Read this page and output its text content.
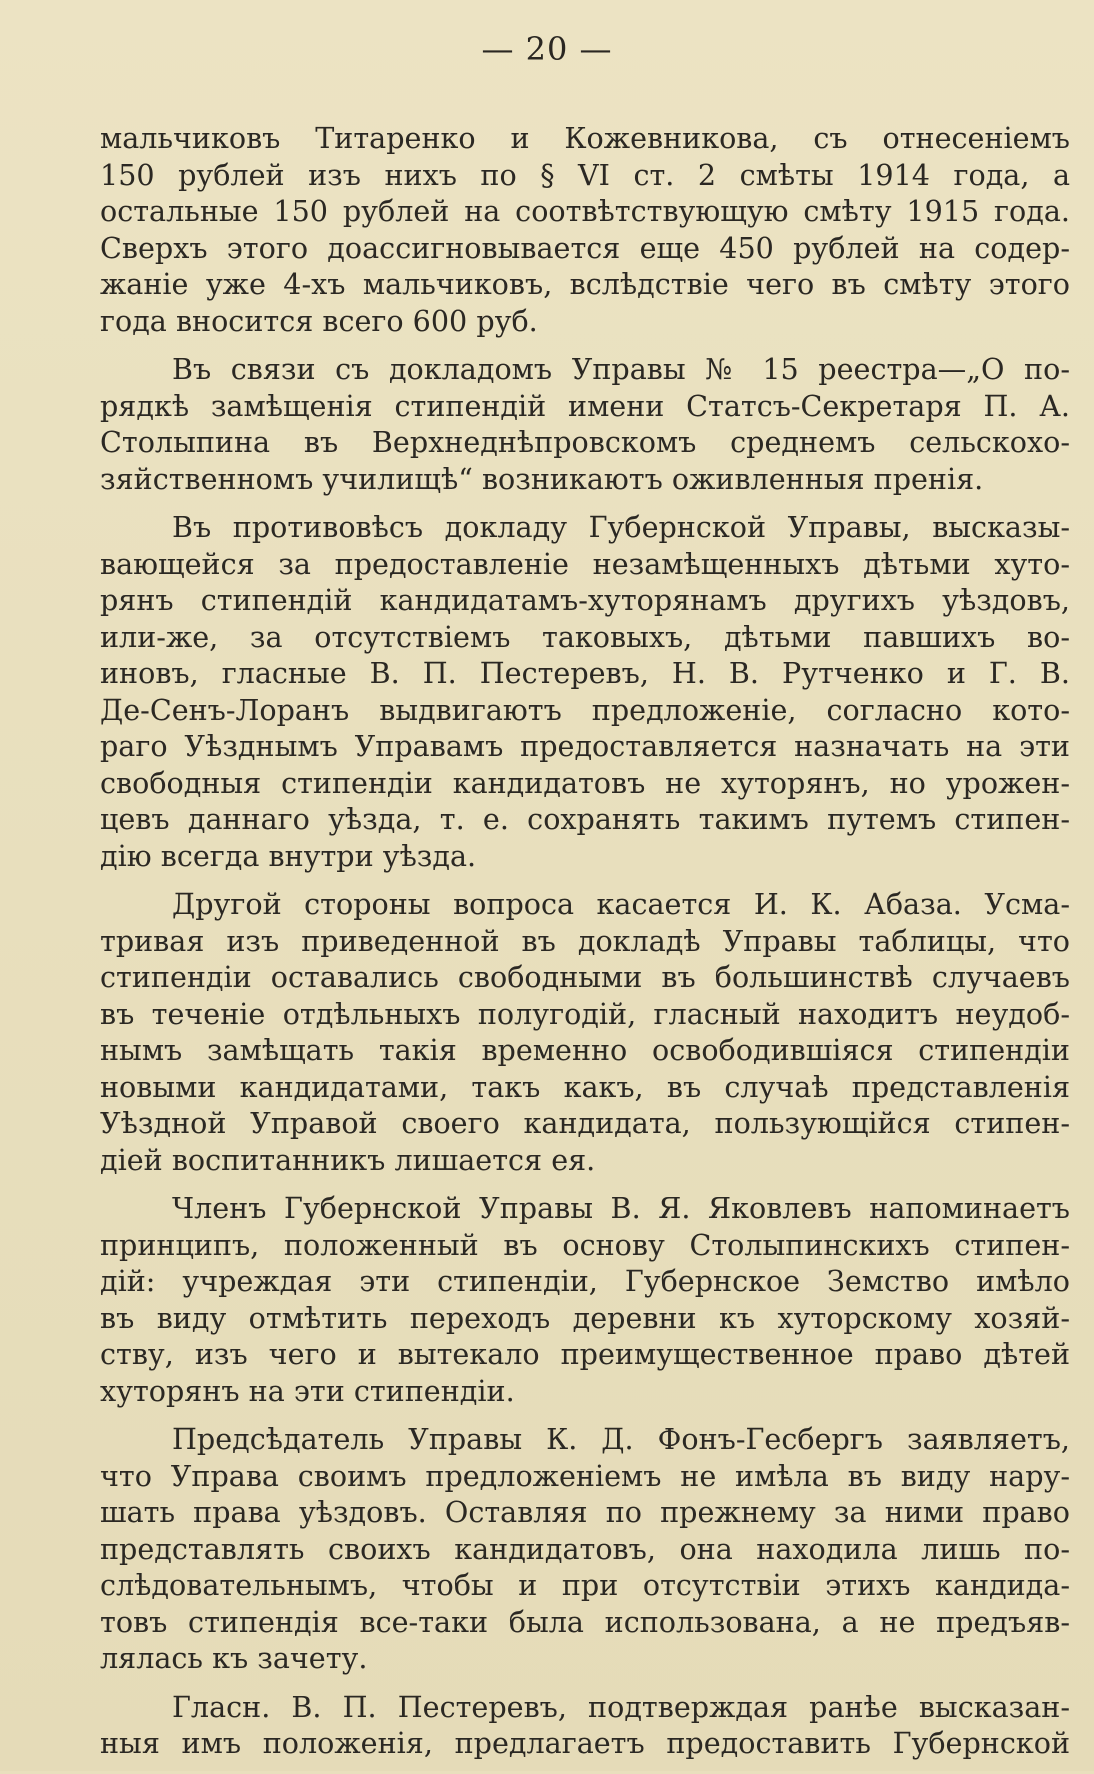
— 20 —
мальчиковъ Титаренко и Кожевникова, съ отнесеніемъ
150 рублей изъ нихъ по § VI ст. 2 смѣты 1914 года, а
остальные 150 рублей на соотвѣтствующую смѣту 1915 года.
Сверхъ этого доассигновывается еще 450 рублей на содер-
жаніе уже 4-хъ мальчиковъ, вслѣдствіе чего въ смѣту этого
года вносится всего 600 руб.
Въ связи съ докладомъ Управы № 15 реестра—„О по-
рядкѣ замѣщенія стипендій имени Статсъ-Секретаря П. А.
Столыпина въ Верхнеднѣпровскомъ среднемъ сельскохо-
зяйственномъ училищѣ“ возникаютъ оживленныя пренія.
Въ противовѣсъ докладу Губернской Управы, высказы-
вающейся за предоставленіе незамѣщенныхъ дѣтьми хуто-
рянъ стипендій кандидатамъ-хуторянамъ другихъ уѣздовъ,
или-же, за отсутствіемъ таковыхъ, дѣтьми павшихъ во-
иновъ, гласные В. П. Пестеревъ, Н. В. Рутченко и Г. В.
Де-Сенъ-Лоранъ выдвигаютъ предложеніе, согласно кото-
раго Уѣзднымъ Управамъ предоставляется назначать на эти
свободныя стипендіи кандидатовъ не хуторянъ, но урожен-
цевъ даннаго уѣзда, т. е. сохранять такимъ путемъ стипен-
дію всегда внутри уѣзда.
Другой стороны вопроса касается И. К. Абаза. Усма-
тривая изъ приведенной въ докладѣ Управы таблицы, что
стипендіи оставались свободными въ большинствѣ случаевъ
въ теченіе отдѣльныхъ полугодій, гласный находитъ неудоб-
нымъ замѣщать такія временно освободившіяся стипендіи
новыми кандидатами, такъ какъ, въ случаѣ представленія
Уѣздной Управой своего кандидата, пользующійся стипен-
діей воспитанникъ лишается ея.
Членъ Губернской Управы В. Я. Яковлевъ напоминаетъ
принципъ, положенный въ основу Столыпинскихъ стипен-
дій: учреждая эти стипендіи, Губернское Земство имѣло
въ виду отмѣтить переходъ деревни къ хуторскому хозяй-
ству, изъ чего и вытекало преимущественное право дѣтей
хуторянъ на эти стипендіи.
Предсѣдатель Управы К. Д. Фонъ-Гесбергъ заявляетъ,
что Управа своимъ предложеніемъ не имѣла въ виду нару-
шать права уѣздовъ. Оставляя по прежнему за ними право
представлять своихъ кандидатовъ, она находила лишь по-
слѣдовательнымъ, чтобы и при отсутствіи этихъ кандида-
товъ стипендія все-таки была использована, а не предъяв-
лялась къ зачету.
Гласн. В. П. Пестеревъ, подтверждая ранѣе высказан-
ныя имъ положенія, предлагаетъ предоставить Губернской
